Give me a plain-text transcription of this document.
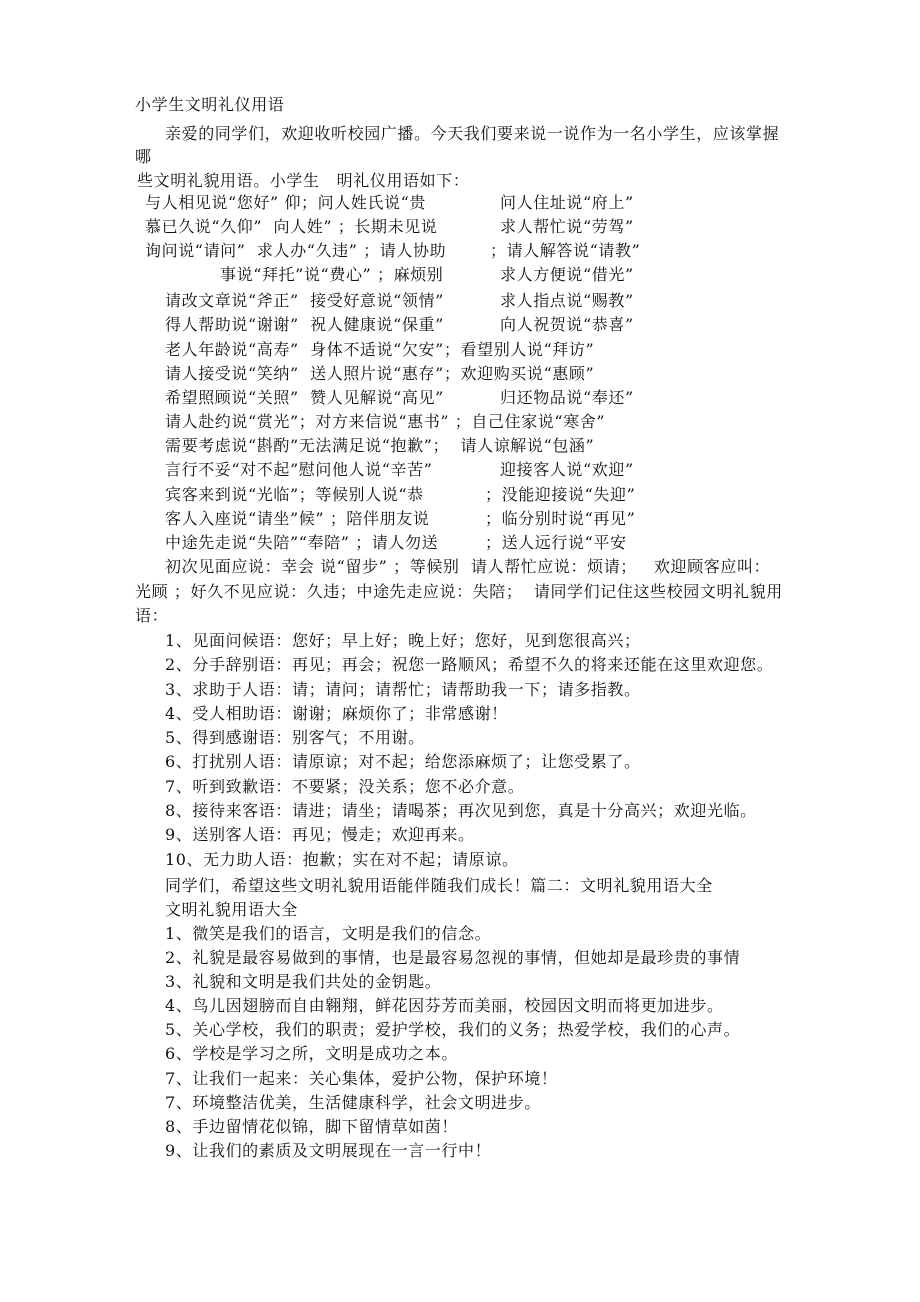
小学生文明礼仪用语
亲爱的同学们，欢迎收听校园广播。今天我们要来说一说作为一名小学生，应该掌握
哪
些文明礼貌用语。小学生   明礼仪用语如下：
与人相见说“您好” 仰；问人姓氏说“贵	问人住址说“府上”
慕已久说“久仰”  向人姓” ；长期未见说	求人帮忙说“劳驾”
询问说“请问”  求人办“久违” ；请人协助	；请人解答说“请教”
事说“拜托”说“费心” ；麻烦别	求人方便说“借光”
请改文章说“斧正”  接受好意说“领情”	求人指点说“赐教”
得人帮助说“谢谢”  祝人健康说“保重”	向人祝贺说“恭喜”
老人年龄说“高寿”  身体不适说“欠安”；看望别人说“拜访”
请人接受说“笑纳”  送人照片说“惠存”；欢迎购买说“惠顾”
希望照顾说“关照”  赞人见解说“高见”	归还物品说“奉还”
请人赴约说“赏光”；对方来信说“惠书” ；自己住家说“寒舍”
需要考虑说“斟酌”无法满足说“抱歉”；  请人谅解说“包涵”
言行不妥“对不起”慰问他人说“辛苦”	迎接客人说“欢迎”
宾客来到说“光临”；等候别人说“恭	；没能迎接说“失迎”
客人入座说“请坐”候” ；陪伴朋友说	；临分别时说“再见”
中途先走说“失陪”“奉陪” ；请人勿送	；送人远行说“平安
初次见面应说：幸会 说“留步” ；等候别  请人帮忙应说：烦请；   欢迎顾客应叫：
光顾 ；好久不见应说：久违；中途先走应说：失陪；  请同学们记住这些校园文明礼貌用
语：
1、见面问候语：您好；早上好；晚上好；您好，见到您很高兴；
2、分手辞别语：再见；再会；祝您一路顺风；希望不久的将来还能在这里欢迎您。
3、求助于人语：请；请问；请帮忙；请帮助我一下；请多指教。
4、受人相助语：谢谢；麻烦你了；非常感谢！
5、得到感谢语：别客气；不用谢。
6、打扰别人语：请原谅；对不起；给您添麻烦了；让您受累了。
7、听到致歉语：不要紧；没关系；您不必介意。
8、接待来客语：请进；请坐；请喝茶；再次见到您，真是十分高兴；欢迎光临。
9、送别客人语：再见；慢走；欢迎再来。
10、无力助人语：抱歉；实在对不起；请原谅。
同学们，希望这些文明礼貌用语能伴随我们成长！篇二：文明礼貌用语大全
文明礼貌用语大全
1、微笑是我们的语言，文明是我们的信念。
2、礼貌是最容易做到的事情，也是最容易忽视的事情，但她却是最珍贵的事情
3、礼貌和文明是我们共处的金钥匙。
4、鸟儿因翅膀而自由翱翔，鲜花因芬芳而美丽，校园因文明而将更加进步。
5、关心学校，我们的职责；爱护学校，我们的义务；热爱学校，我们的心声。
6、学校是学习之所，文明是成功之本。
7、让我们一起来：关心集体，爱护公物，保护环境！
7、环境整洁优美，生活健康科学，社会文明进步。
8、手边留情花似锦，脚下留情草如茵！
9、让我们的素质及文明展现在一言一行中！
